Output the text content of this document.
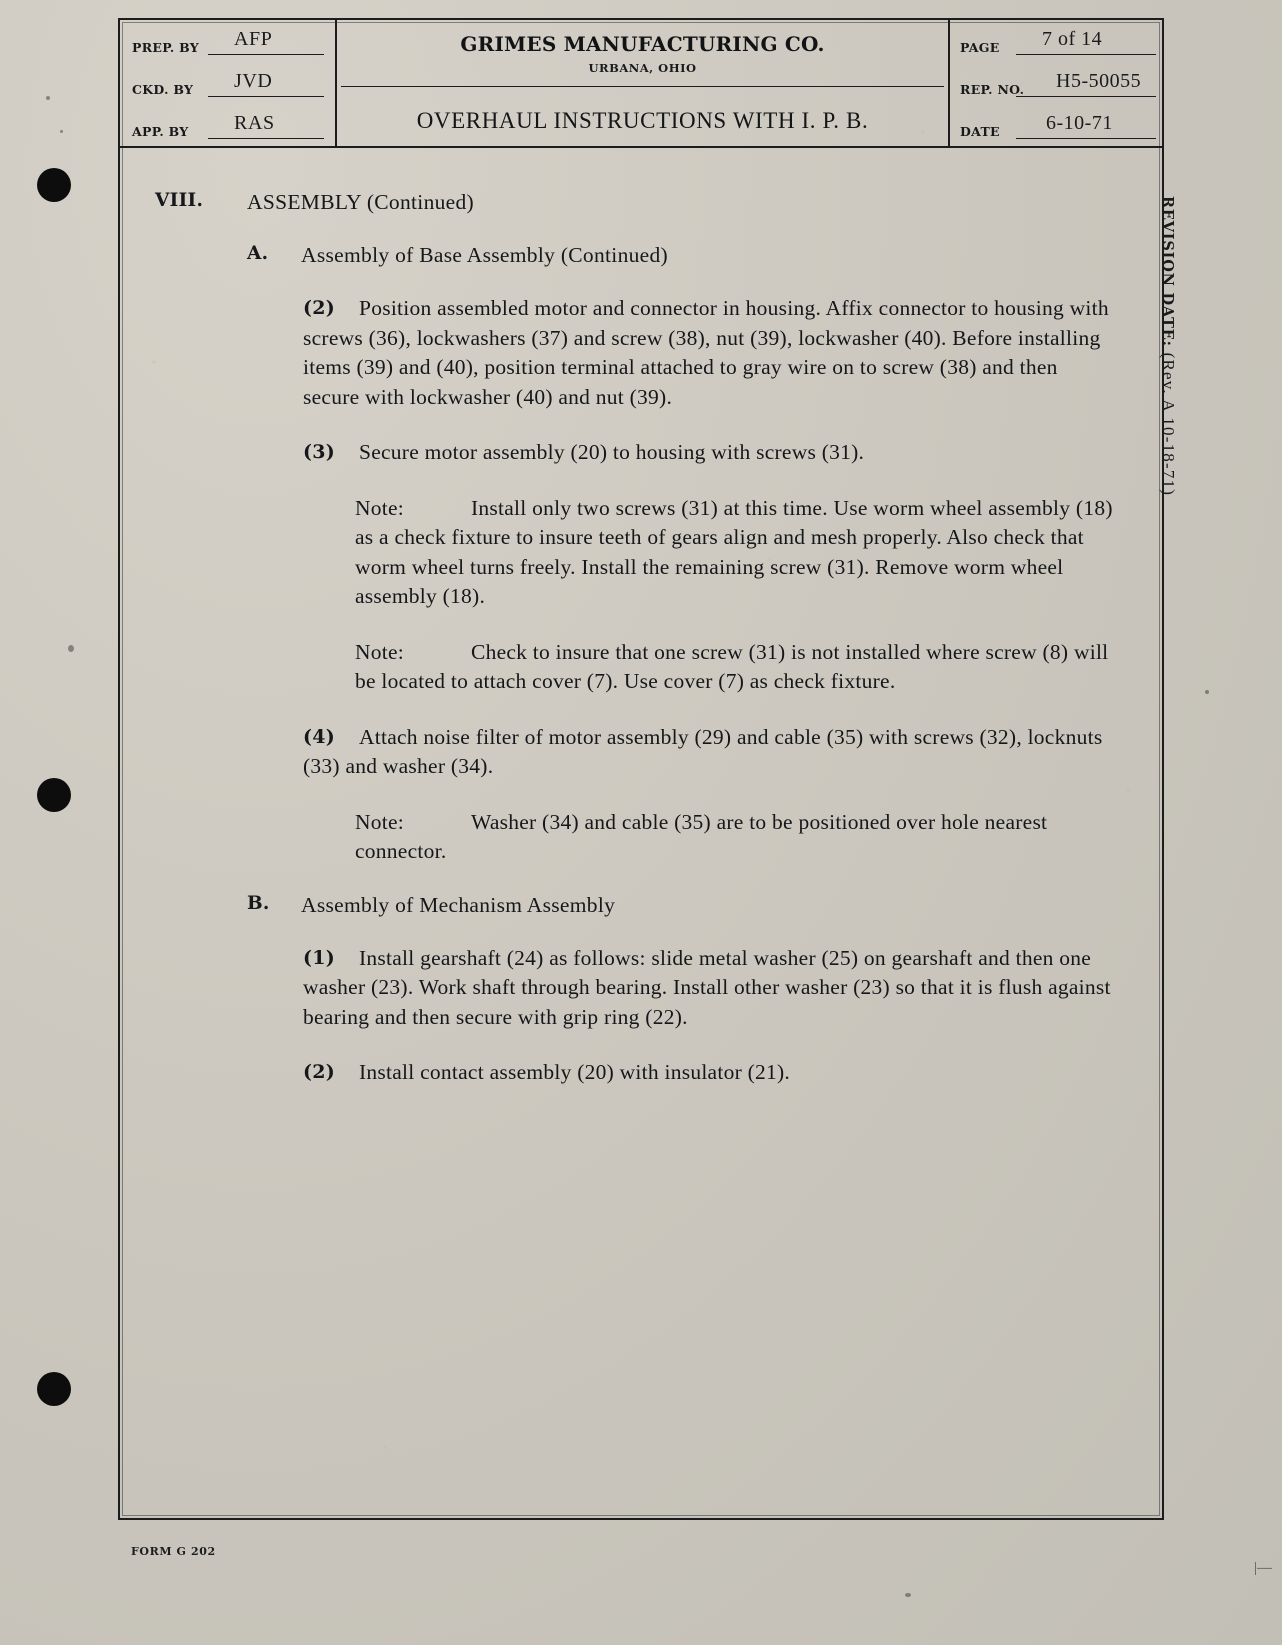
PREP. BY AFP
CKD. BY JVD
APP. BY RAS
GRIMES MANUFACTURING CO.
URBANA, OHIO
OVERHAUL INSTRUCTIONS WITH I. P. B.
PAGE 7 of 14
REP. NO. H5-50055
DATE 6-10-71
VIII. ASSEMBLY (Continued)
A. Assembly of Base Assembly (Continued)
(2) Position assembled motor and connector in housing. Affix connector to housing with screws (36), lockwashers (37) and screw (38), nut (39), lockwasher (40). Before installing items (39) and (40), position terminal attached to gray wire on to screw (38) and then secure with lockwasher (40) and nut (39).
(3) Secure motor assembly (20) to housing with screws (31).
Note:	Install only two screws (31) at this time. Use worm wheel assembly (18) as a check fixture to insure teeth of gears align and mesh properly. Also check that worm wheel turns freely. Install the remaining screw (31). Remove worm wheel assembly (18).
Note:	Check to insure that one screw (31) is not installed where screw (8) will be located to attach cover (7). Use cover (7) as check fixture.
(4) Attach noise filter of motor assembly (29) and cable (35) with screws (32), locknuts (33) and washer (34).
Note:	Washer (34) and cable (35) are to be positioned over hole nearest connector.
B. Assembly of Mechanism Assembly
(1) Install gearshaft (24) as follows: slide metal washer (25) on gearshaft and then one washer (23). Work shaft through bearing. Install other washer (23) so that it is flush against bearing and then secure with grip ring (22).
(2) Install contact assembly (20) with insulator (21).
REVISION DATE: (Rev. A 10-18-71)
FORM G 202
|—
